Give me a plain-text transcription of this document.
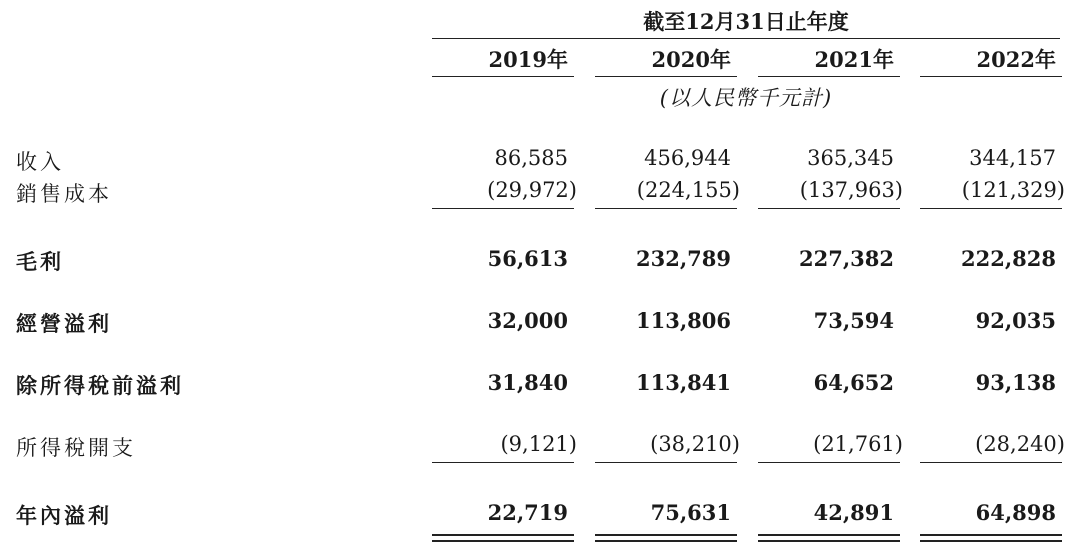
截至12月31日止年度
2019年	2020年	2021年	2022年
(以人民幣千元計)
收入	86,585	456,944	365,345	344,157
銷售成本	(29,972)	(224,155)	(137,963)	(121,329)
毛利	56,613	232,789	227,382	222,828
經營溢利	32,000	113,806	73,594	92,035
除所得稅前溢利	31,840	113,841	64,652	93,138
所得稅開支	(9,121)	(38,210)	(21,761)	(28,240)
年內溢利	22,719	75,631	42,891	64,898
